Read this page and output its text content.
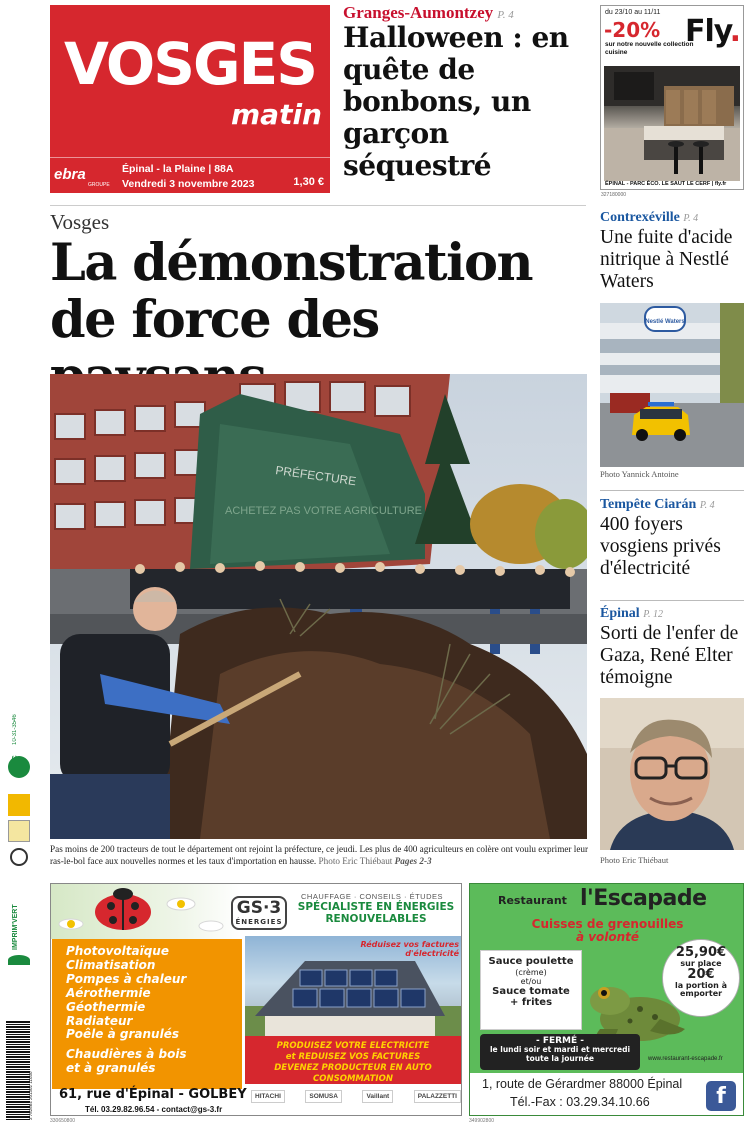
VOSGES
matin
ebra
GROUPE
Épinal - la Plaine | 88A
Vendredi 3 novembre 2023	1,30 €
Granges-Aumontzey P. 4
Halloween : en quête de bonbons, un garçon séquestré
du 23/10 au 11/11
-20%
sur notre nouvelle collection cuisine
Fly.
ÉPINAL - PARC ÉCO. LE SAUT LE CERF | fly.fr
327180000
Vosges
La démonstration de force des
PRÉFECTURE
ACHETEZ PAS VOTRE AGRICULTURE
Pas moins de 200 tracteurs de tout le département ont rejoint la préfecture, ce jeudi. Les plus de 400 agriculteurs en colère ont voulu exprimer leur ras-le-bol face aux nouvelles normes et les taux d'importation en hausse. Photo Eric Thiébaut Pages 2-3
Contrexéville P. 4
Une fuite d'acide nitrique à Nestlé Waters
Nestlé Waters
Photo Yannick Antoine
Tempête Ciarán P. 4
400 foyers vosgiens privés d'électricité
Épinal P. 12
Sorti de l'enfer de Gaza, René Elter témoigne
Photo Eric Thiébaut
10-31-3546
IMPRIM'VERT
3 782664 201302 11030
Photovoltaïque
Climatisation
Pompes à chaleur
Aérothermie
Géothermie
Radiateur
Poêle à granulés
Chaudières à bois
et à granulés
GS·3
ÉNERGIES
CHAUFFAGE · CONSEILS · ÉTUDES
SPÉCIALISTE EN ÉNERGIES RENOUVELABLES
Réduisez vos factures d'électricité
PRODUISEZ VOTRE ELECTRICITE
et REDUISEZ VOS FACTURES
DEVENEZ PRODUCTEUR EN AUTO CONSOMMATION
61, rue d'Épinal - GOLBEY
Tél. 03.29.82.96.54 - contact@gs-3.fr
HITACHI	SOMUSA	Vaillant	PALAZZETTI
330650800
Restaurant l'Escapade
Cuisses de grenouilles
à volonté
Sauce poulette
(crème)
et/ou
Sauce tomate
+ frites
25,90€
sur place
20€
la portion à emporter
- FERMÉ -
le lundi soir et mardi et mercredi toute la journée	www.restaurant-escapade.fr
1, route de Gérardmer 88000 Épinal
Tél.-Fax : 03.29.34.10.66	f
349902800
